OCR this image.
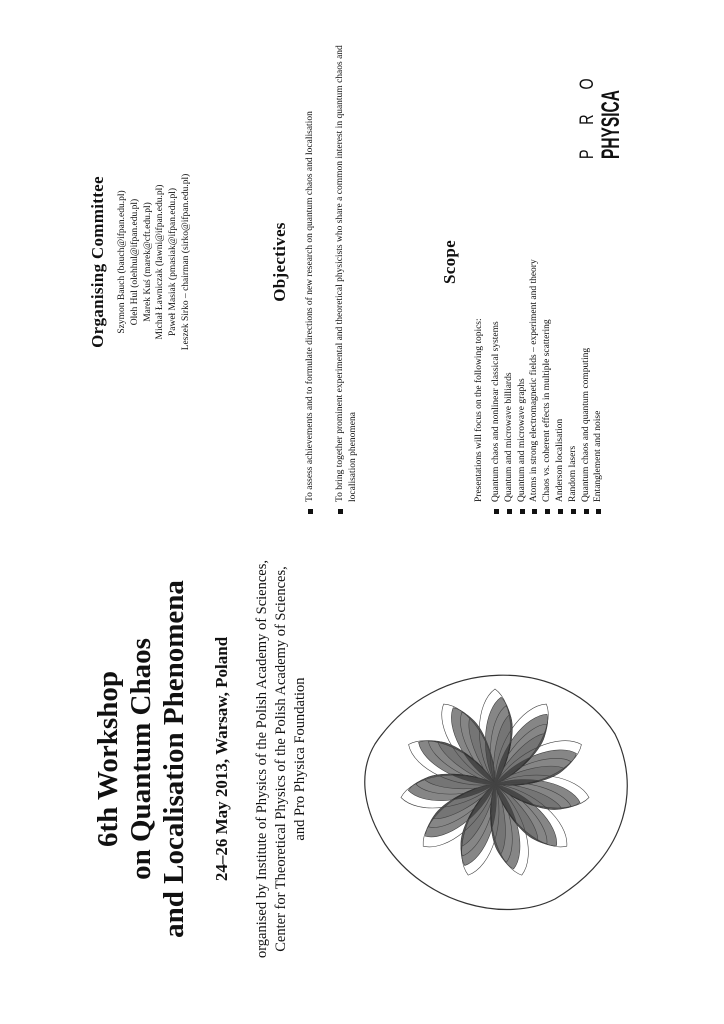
6th Workshop on Quantum Chaos and Localisation Phenomena 24–26 May 2013, Warsaw, Poland organised by Institute of Physics of the Polish Academy of Sciences, Center for Theoretical Physics of the Polish Academy of Sciences, and Pro Physica Foundation
Organising Committee Szymon Bauch (bauch@ifpan.edu.pl) Oleh Hul (olehhul@ifpan.edu.pl) Marek Kuś (marek@cft.edu.pl) Michał Ławniczak (lawni@ifpan.edu.pl) Paweł Masiak (pmasiak@ifpan.edu.pl) Leszek Sirko – chairman (sirko@ifpan.edu.pl)	Objectives To assess achievements and to formulate directions of new research on quantum chaos and localisation To bring together prominent experimental and theoretical physicists who share a common interest in quantum chaos and localisation phenomena
Scope
Presentations will focus on the following topics: Quantum chaos and nonlinear classical systems Quantum and microwave billiards Quantum and microwave graphs Atoms in strong electromagnetic fields – experiment and theory Chaos vs. coherent effects in multiple scattering Anderson localisation Random lasers Quantum chaos and quantum computing Entanglement and noise
P R O PHYSICA
